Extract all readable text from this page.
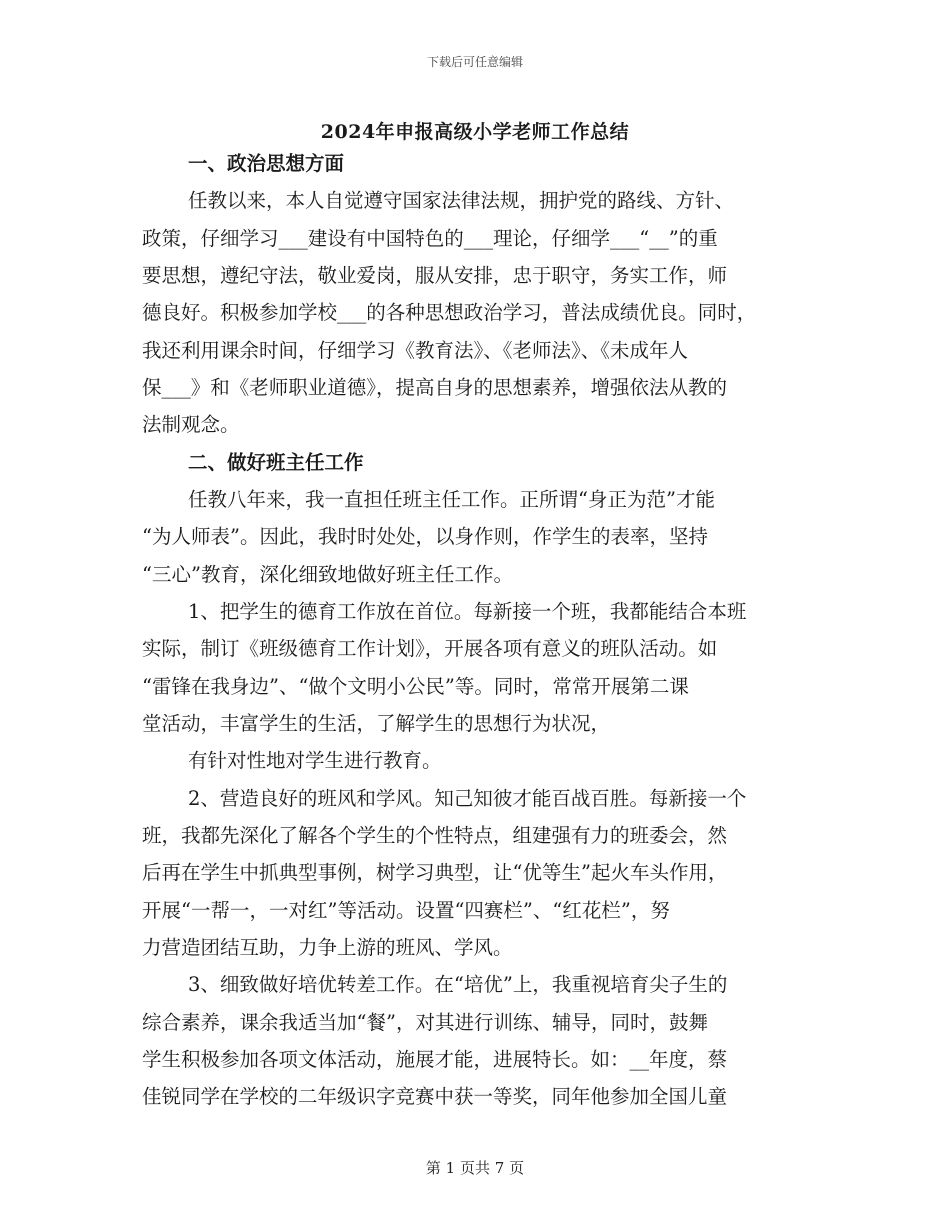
下载后可任意编辑
2024年申报高级小学老师工作总结
一、政治思想方面
任教以来，本人自觉遵守国家法律法规，拥护党的路线、方针、
政策，仔细学习___建设有中国特色的___理论，仔细学___“__”的重
要思想，遵纪守法，敬业爱岗，服从安排，忠于职守，务实工作，师
德良好。积极参加学校___的各种思想政治学习，普法成绩优良。同时，
我还利用课余时间，仔细学习《教育法》、《老师法》、《未成年人
保___》和《老师职业道德》，提高自身的思想素养，增强依法从教的
法制观念。
二、做好班主任工作
任教八年来，我一直担任班主任工作。正所谓“身正为范”才能
“为人师表”。因此，我时时处处，以身作则，作学生的表率，坚持
“三心”教育，深化细致地做好班主任工作。
1、把学生的德育工作放在首位。每新接一个班，我都能结合本班
实际，制订《班级德育工作计划》，开展各项有意义的班队活动。如
“雷锋在我身边”、“做个文明小公民”等。同时，常常开展第二课
堂活动，丰富学生的生活，了解学生的思想行为状况，
有针对性地对学生进行教育。
2、营造良好的班风和学风。知己知彼才能百战百胜。每新接一个
班，我都先深化了解各个学生的个性特点，组建强有力的班委会，然
后再在学生中抓典型事例，树学习典型，让“优等生”起火车头作用，
开展“一帮一，一对红”等活动。设置“四赛栏”、“红花栏”，努
力营造团结互助，力争上游的班风、学风。
3、细致做好培优转差工作。在“培优”上，我重视培育尖子生的
综合素养，课余我适当加“餐”，对其进行训练、辅导，同时，鼓舞
学生积极参加各项文体活动，施展才能，进展特长。如：__年度，蔡
佳锐同学在学校的二年级识字竞赛中获一等奖，同年他参加全国儿童
第 1 页共 7 页
